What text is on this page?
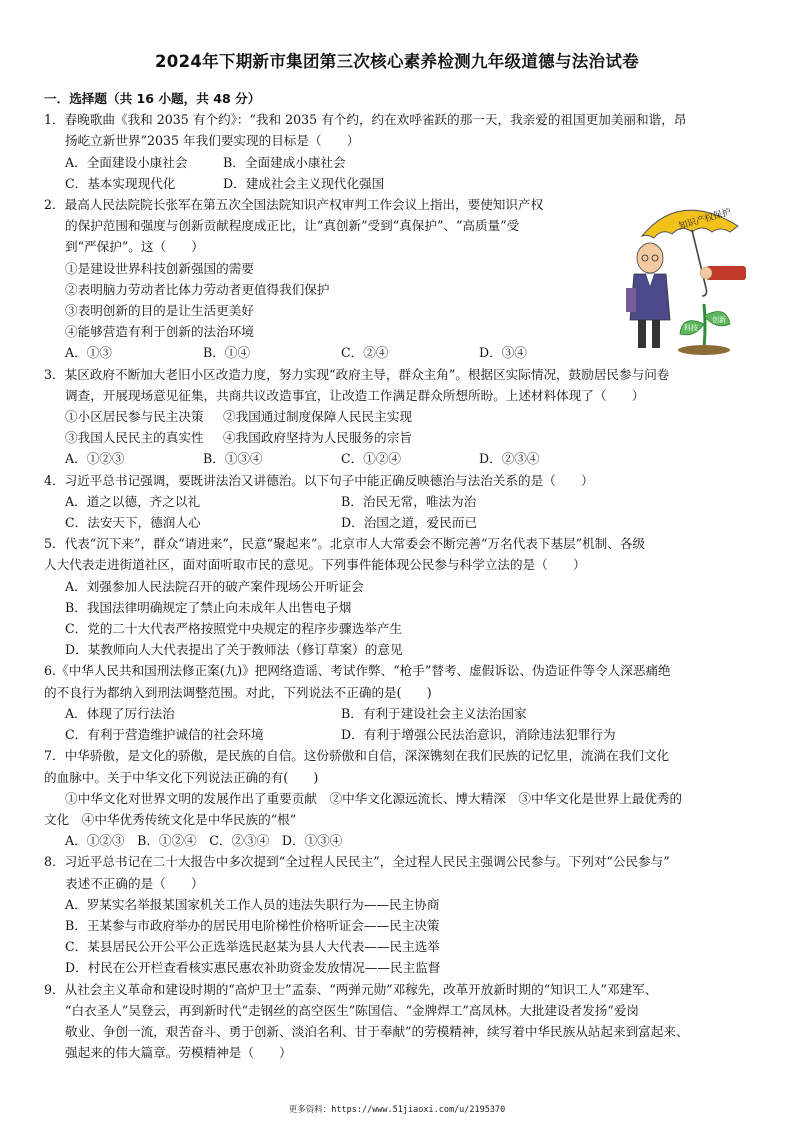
2024年下期新市集团第三次核心素养检测九年级道德与法治试卷
一．选择题（共 16 小题，共 48 分）
1．春晚歌曲《我和 2035 有个约》：“我和 2035 有个约，约在欢呼雀跃的那一天，我亲爱的祖国更加美丽和谐，昂
扬屹立新世界”2035 年我们要实现的目标是（　　）
A．全面建设小康社会	B．全面建成小康社会
C．基本实现现代化	D．建成社会主义现代化强国
2．最高人民法院院长张军在第五次全国法院知识产权审判工作会议上指出，要使知识产权
的保护范围和强度与创新贡献程度成正比，让“真创新”受到“真保护”、“高质量”受
到“严保护”。这（　　）
①是建设世界科技创新强国的需要
②表明脑力劳动者比体力劳动者更值得我们保护
③表明创新的目的是让生活更美好
④能够营造有利于创新的法治环境
A．①③	B．①④	C．②④	D．③④
知识产权保护
科技
创新
3．某区政府不断加大老旧小区改造力度，努力实现“政府主导，群众主角”。根据区实际情况，鼓励居民参与问卷
调查，开展现场意见征集，共商共议改造事宜，让改造工作满足群众所想所盼。上述材料体现了（　　）
①小区居民参与民主决策	②我国通过制度保障人民民主实现
③我国人民民主的真实性	④我国政府坚持为人民服务的宗旨
A．①②③	B．①③④	C．①②④	D．②③④
4．习近平总书记强调，要既讲法治又讲德治。以下句子中能正确反映德治与法治关系的是（　　）
A．道之以德，齐之以礼	B．治民无常，唯法为治
C．法安天下，德润人心	D．治国之道，爱民而已
5．代表“沉下来”，群众“请进来”，民意“聚起来”。北京市人大常委会不断完善“万名代表下基层”机制、各级
人大代表走进街道社区，面对面听取市民的意见。下列事件能体现公民参与科学立法的是（　　）
A．刘强参加人民法院召开的破产案件现场公开听证会
B．我国法律明确规定了禁止向未成年人出售电子烟
C．党的二十大代表严格按照党中央规定的程序步骤选举产生
D．某教师向人大代表提出了关于教师法（修订草案）的意见
6.《中华人民共和国刑法修正案(九)》把网络造谣、考试作弊、“枪手”替考、虚假诉讼、伪造证件等令人深恶痛绝
的不良行为都纳入到刑法调整范围。对此，下列说法不正确的是(　　)
A．体现了厉行法治	B．有利于建设社会主义法治国家
C．有利于营造维护诚信的社会环境	D．有利于增强公民法治意识，消除违法犯罪行为
7．中华骄傲，是文化的骄傲，是民族的自信。这份骄傲和自信，深深镌刻在我们民族的记忆里，流淌在我们文化
的血脉中。关于中华文化下列说法正确的有(　　)
①中华文化对世界文明的发展作出了重要贡献　②中华文化源远流长、博大精深　③中华文化是世界上最优秀的
文化　④中华优秀传统文化是中华民族的“根”
A．①②③　B．①②④　C．②③④　D．①③④
8．习近平总书记在二十大报告中多次提到“全过程人民民主”，全过程人民民主强调公民参与。下列对“公民参与”
表述不正确的是（　　）
A．罗某实名举报某国家机关工作人员的违法失职行为——民主协商
B．王某参与市政府举办的居民用电阶梯性价格听证会——民主决策
C．某县居民公开公平公正选举选民赵某为县人大代表——民主选举
D．村民在公开栏查看核实惠民惠农补助资金发放情况——民主监督
9．从社会主义革命和建设时期的“高炉卫士”孟泰、“两弹元勋”邓稼先，改革开放新时期的“知识工人”邓建军、
“白衣圣人”吴登云，再到新时代“走钢丝的高空医生”陈国信、“金牌焊工”高凤林。大批建设者发扬“爱岗
敬业、争创一流，艰苦奋斗、勇于创新、淡泊名利、甘于奉献”的劳模精神，续写着中华民族从站起来到富起来、
强起来的伟大篇章。劳模精神是（　　）
更多资料：https://www.51jiaoxi.com/u/2195370
